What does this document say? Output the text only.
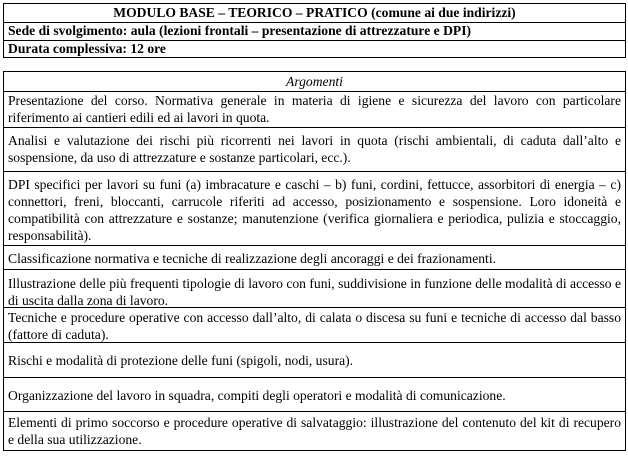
MODULO BASE – TEORICO – PRATICO (comune ai due indirizzi)
Sede di svolgimento: aula (lezioni frontali – presentazione di attrezzature e DPI)
Durata complessiva: 12 ore
Argomenti
Presentazione del corso. Normativa generale in materia di igiene e sicurezza del lavoro con particolare riferimento ai cantieri edili ed ai lavori in quota.
Analisi e valutazione dei rischi più ricorrenti nei lavori in quota (rischi ambientali, di caduta dall’alto e sospensione, da uso di attrezzature e sostanze particolari, ecc.).
DPI specifici per lavori su funi (a) imbracature e caschi – b) funi, cordini, fettucce, assorbitori di energia – c) connettori, freni, bloccanti, carrucole riferiti ad accesso, posizionamento e sospensione. Loro idoneità e compatibilità con attrezzature e sostanze; manutenzione (verifica giornaliera e periodica, pulizia e stoccaggio, responsabilità).
Classificazione normativa e tecniche di realizzazione degli ancoraggi e dei frazionamenti.
Illustrazione delle più frequenti tipologie di lavoro con funi, suddivisione in funzione delle modalità di accesso e di uscita dalla zona di lavoro.
Tecniche e procedure operative con accesso dall’alto, di calata o discesa su funi e tecniche di accesso dal basso (fattore di caduta).
Rischi e modalità di protezione delle funi (spigoli, nodi, usura).
Organizzazione del lavoro in squadra, compiti degli operatori e modalità di comunicazione.
Elementi di primo soccorso e procedure operative di salvataggio: illustrazione del contenuto del kit di recupero e della sua utilizzazione.
